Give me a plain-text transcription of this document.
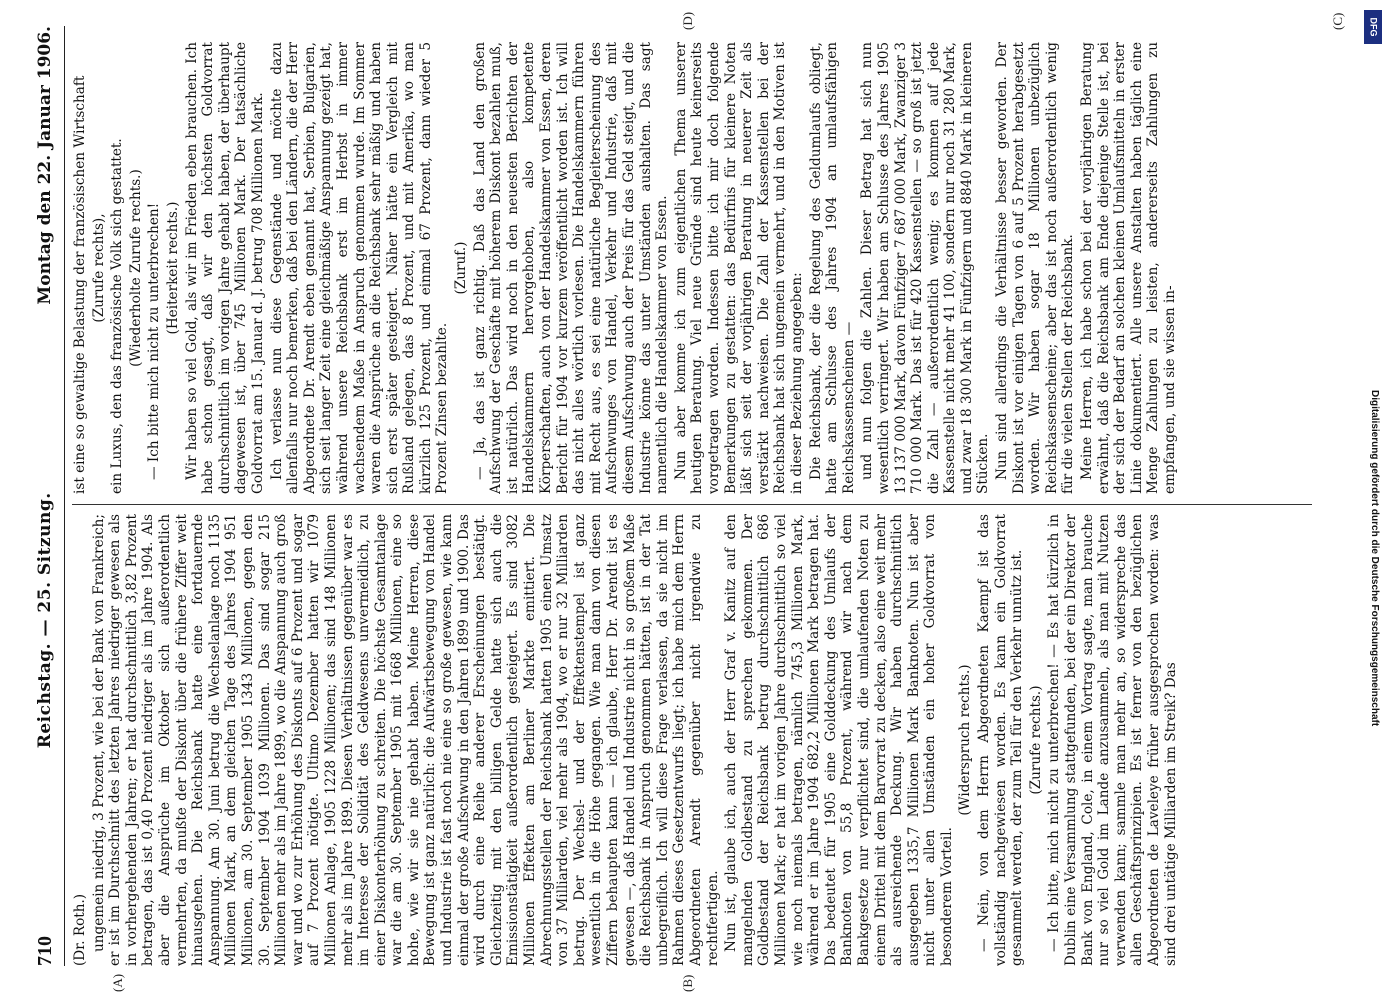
710
Reichstag. — 25. Sitzung.
Montag den 22. Januar 1906.

(Dr. Roth.) ungemein niedrig, 3 Prozent, wie bei der Bank von Frankreich; er ist im Durchschnitt des letzten Jahres niedriger gewesen als in vorhergehenden Jahren; er hat durchschnittlich 3,82 Prozent betragen, das ist 0,40 Prozent niedriger als im Jahre 1904. Als aber die Ansprüche im Oktober sich außerordentlich vermehrten, da mußte der Diskont über die frühere Ziffer weit hinausgehen. Die Reichsbank hatte eine fortdauernde Anspannung. Am 30. Juni betrug die Wechselanlage noch 1135 Millionen Mark, an dem gleichen Tage des Jahres 1904 951 Millionen, am 30. September 1905 1343 Millionen, gegen den 30. September 1904 1039 Millionen. Das sind sogar 215 Millionen mehr als im Jahre 1899, wo die Anspannung auch groß war und wo zur Erhöhung des Diskonts auf 6 Prozent und sogar auf 7 Prozent nötigte. Ultimo Dezember hatten wir 1079 Millionen Anlage, 1905 1228 Millionen; das sind 148 Millionen mehr als im Jahre 1899. Diesen Verhältnissen gegenüber war es im Interesse der Solidität des Geldwesens unvermeidlich, zu einer Diskonterhöhung zu schreiten. Die höchste Gesamtanlage war die am 30. September 1905 mit 1668 Millionen, eine so hohe, wie wir sie nie gehabt haben. Meine Herren, diese Bewegung ist ganz natürlich: die Aufwärtsbewegung von Handel und Industrie ist fast noch nie eine so große gewesen, wie kann einmal der große Aufschwung in den Jahren 1899 und 1900. Das wird durch eine Reihe anderer Erscheinungen bestätigt. Gleichzeitig mit den billigen Gelde hatte sich auch die Emissionstätigkeit außerordentlich gesteigert. Es sind 3082 Millionen Effekten am Berliner Markte emittiert. Die Abrechnungsstellen der Reichsbank hatten 1905 einen Umsatz von 37 Milliarden, viel mehr als 1904, wo er nur 32 Milliarden betrug. Der Wechsel- und der Effektenstempel ist ganz wesentlich in die Höhe gegangen. Wie man dann von diesen Ziffern behaupten kann — ich glaube, Herr Dr. Arendt ist es gewesen —, daß Handel und Industrie nicht in so großem Maße die Reichsbank in Anspruch genommen hätten, ist in der Tat unbegreiflich. Ich will diese Frage verlassen, da sie nicht im Rahmen dieses Gesetzentwurfs liegt; ich habe mich dem Herrn Abgeordneten Arendt gegenüber nicht irgendwie zu rechtfertigen. Nun ist, glaube ich, auch der Herr Graf v. Kanitz auf den mangelnden Goldbestand zu sprechen gekommen. Der Goldbestand der Reichsbank betrug durchschnittlich 686 Millionen Mark; er hat im vorigen Jahre durchschnittlich so viel wie noch niemals betragen, nämlich 745,3 Millionen Mark, während er im Jahre 1904 682,2 Millionen Mark betragen hat. Das bedeutet für 1905 eine Golddeckung des Umlaufs der Banknoten von 55,8 Prozent, während wir nach dem Bankgesetze nur verpflichtet sind, die umlaufenden Noten zu einem Drittel mit dem Barvorrat zu decken, also eine weit mehr als ausreichende Deckung. Wir haben durchschnittlich ausgegeben 1335,7 Millionen Mark Banknoten. Nun ist aber nicht unter allen Umständen ein hoher Goldvorrat von besonderem Vorteil.

(Widerspruch rechts.) — Nein, von dem Herrn Abgeordneten Kaempf ist das vollständig nachgewiesen worden. Es kann ein Goldvorrat gesammelt werden, der zum Teil für den Verkehr unnütz ist. (Zurufe rechts.) — Ich bitte, mich nicht zu unterbrechen! — Es hat kürzlich in Dublin eine Versammlung stattgefunden, bei der ein Direktor der Bank von England, Cole, in einem Vortrag sagte, man brauche nur so viel Gold im Lande anzusammeln, als man mit Nutzen verwenden kann; sammle man mehr an, so widerspreche das allen Geschäftsprinzipien. Es ist ferner von den bezüglichen Abgeordneten de Laveleye früher ausgesprochen worden: was sind drei untätige Milliarden im Streik? Das

ist eine so gewaltige Belastung der französischen Wirtschaft (Zurufe rechts), ein Luxus, den das französische Volk sich gestattet. (Wiederholte Zurufe rechts.) — Ich bitte mich nicht zu unterbrechen! (Heiterkeit rechts.) Wir haben so viel Gold, als wir im Frieden eben brauchen. Ich habe schon gesagt, daß wir den höchsten Goldvorrat durchschnittlich im vorigen Jahre gehabt haben, der überhaupt dagewesen ist, über 745 Millionen Mark. Der tatsächliche Goldvorrat am 15. Januar d. J. betrug 708 Millionen Mark. Ich verlasse nun diese Gegenstände und möchte dazu allenfalls nur noch bemerken, daß bei den Ländern, die der Herr Abgeordnete Dr. Arendt eben genannt hat, Serbien, Bulgarien, sich seit langer Zeit eine gleichmäßige Anspannung gezeigt hat, während unsere Reichsbank erst im Herbst in immer wachsendem Maße in Anspruch genommen wurde. Im Sommer waren die Ansprüche an die Reichsbank sehr mäßig und haben sich erst später gesteigert. Näher hätte ein Vergleich mit Rußland gelegen, das 8 Prozent, und mit Amerika, wo man kürzlich 125 Prozent, und einmal 67 Prozent, dann wieder 5 Prozent Zinsen bezahlte.

(Zuruf.) — Ja, das ist ganz richtig. Daß das Land den großen Aufschwung der Geschäfte mit höherem Diskont bezahlen muß, ist natürlich. Das wird noch in den neuesten Berichten der Handelskammern hervorgehoben, also kompetente Körperschaften, auch von der Handelskammer von Essen, deren Bericht für 1904 vor kurzem veröffentlicht worden ist. Ich will das nicht alles wörtlich vorlesen. Die Handelskammern führen mit Recht aus, es sei eine natürliche Begleiterscheinung des Aufschwunges von Handel, Verkehr und Industrie, daß mit diesem Aufschwung auch der Preis für das Geld steigt, und die Industrie könne das unter Umständen aushalten. Das sagt namentlich die Handelskammer von Essen. Nun aber komme ich zum eigentlichen Thema unserer heutigen Beratung. Viel neue Gründe sind heute keinerseits vorgetragen worden. Indessen bitte ich mir doch folgende Bemerkungen zu gestatten: das Bedürfnis für kleinere Noten läßt sich seit der vorjährigen Beratung in neuerer Zeit als verstärkt nachweisen. Die Zahl der Kassenstellen bei der Reichsbank hat sich ungemein vermehrt, und in den Motiven ist in dieser Beziehung angegeben: Die Reichsbank, der die Regelung des Geldumlaufs obliegt, hatte am Schlusse des Jahres 1904 an umlaufsfähigen Reichskassenscheinen — und nun folgen die Zahlen. Dieser Betrag hat sich nun wesentlich verringert. Wir haben am Schlusse des Jahres 1905 13 137 000 Mark, davon Fünfziger 7 687 000 Mark, Zwanziger 3 710 000 Mark. Das ist für 420 Kassenstellen — so groß ist jetzt die Zahl — außerordentlich wenig; es kommen auf jede Kassenstelle nicht mehr 41 100, sondern nur noch 31 280 Mark, und zwar 18 300 Mark in Fünfzigern und 8840 Mark in kleineren Stücken. Nun sind allerdings die Verhältnisse besser geworden. Der Diskont ist vor einigen Tagen von 6 auf 5 Prozent herabgesetzt worden. Wir haben sogar 18 Millionen unbezüglich Reichskassenscheine; aber das ist noch außerordentlich wenig für die vielen Stellen der Reichsbank. Meine Herren, ich habe schon bei der vorjährigen Beratung erwähnt, daß die Reichsbank am Ende diejenige Stelle ist, bei der sich der Bedarf an solchen kleinen Umlaufsmitteln in erster Linie dokumentiert. Alle unsere Anstalten haben täglich eine Menge Zahlungen zu leisten, andererseits Zahlungen zu empfangen, und sie wissen in-

(A)	(B)
(C)
(D)	DFG
Digitalisierung gefördert durch die Deutsche Forschungsgemeinschaft
